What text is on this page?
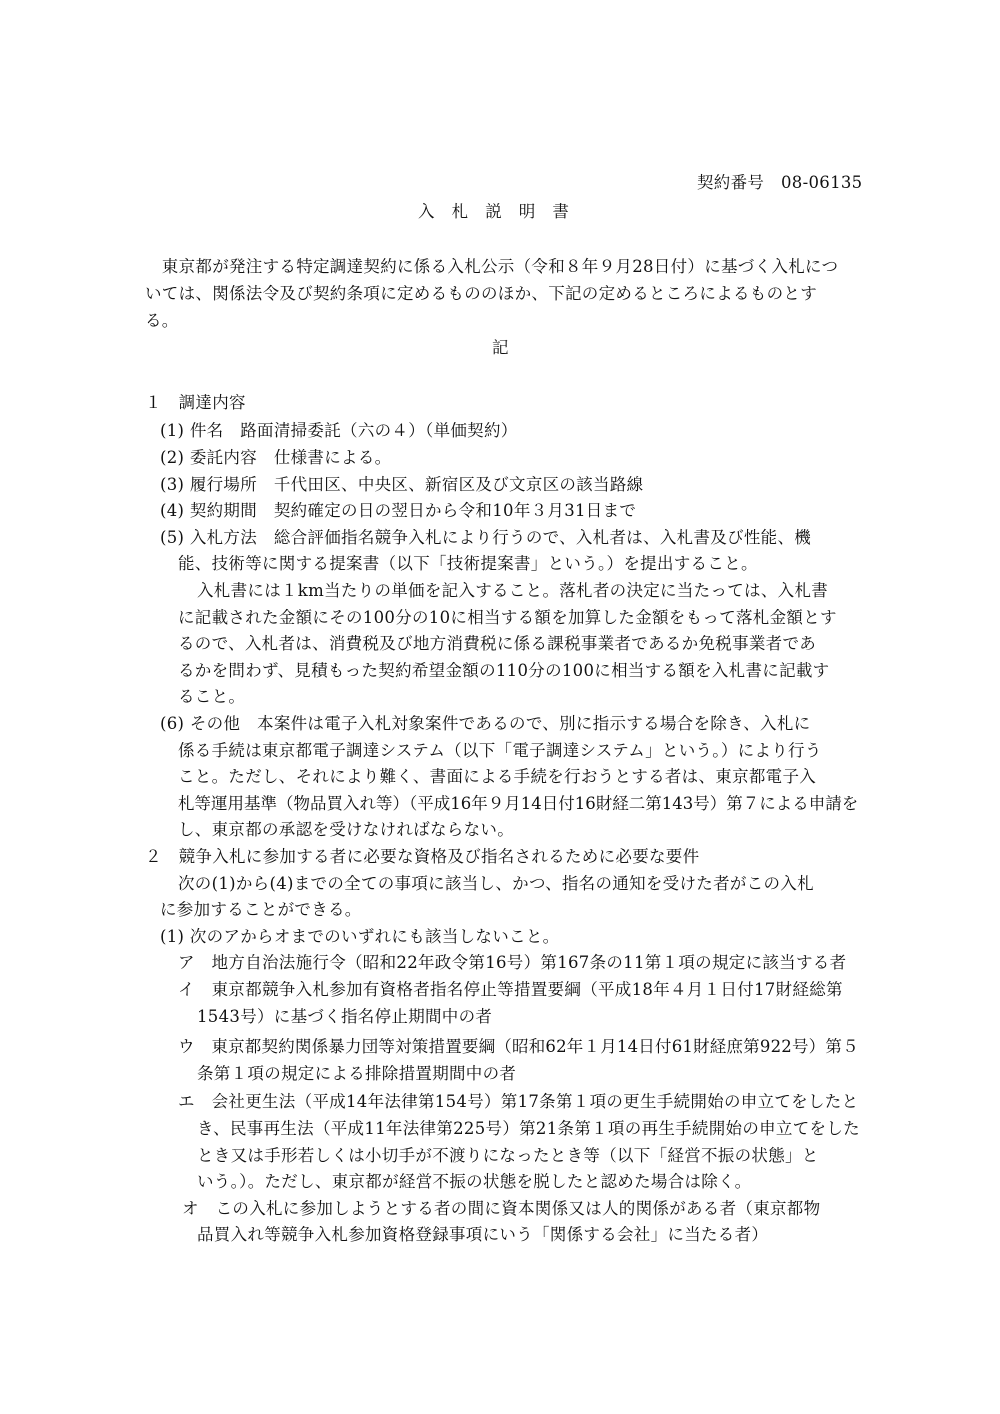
契約番号　08-06135
入　札　説　明　書
　東京都が発注する特定調達契約に係る入札公示（令和８年９月28日付）に基づく入札につ
いては、関係法令及び契約条項に定めるもののほか、下記の定めるところによるものとす
る。
記
１　調達内容
(1) 件名　路面清掃委託（六の４）（単価契約）
(2) 委託内容　仕様書による。
(3) 履行場所　千代田区、中央区、新宿区及び文京区の該当路線
(4) 契約期間　契約確定の日の翌日から令和10年３月31日まで
(5) 入札方法　総合評価指名競争入札により行うので、入札者は、入札書及び性能、機
能、技術等に関する提案書（以下「技術提案書」という。）を提出すること。
入札書には１km当たりの単価を記入すること。落札者の決定に当たっては、入札書
に記載された金額にその100分の10に相当する額を加算した金額をもって落札金額とす
るので、入札者は、消費税及び地方消費税に係る課税事業者であるか免税事業者であ
るかを問わず、見積もった契約希望金額の110分の100に相当する額を入札書に記載す
ること。
(6) その他　本案件は電子入札対象案件であるので、別に指示する場合を除き、入札に
係る手続は東京都電子調達システム（以下「電子調達システム」という。）により行う
こと。ただし、それにより難く、書面による手続を行おうとする者は、東京都電子入
札等運用基準（物品買入れ等）（平成16年９月14日付16財経二第143号）第７による申請を
し、東京都の承認を受けなければならない。
２　競争入札に参加する者に必要な資格及び指名されるために必要な要件
次の(1)から(4)までの全ての事項に該当し、かつ、指名の通知を受けた者がこの入札
に参加することができる。
(1) 次のアからオまでのいずれにも該当しないこと。
ア　地方自治法施行令（昭和22年政令第16号）第167条の11第１項の規定に該当する者
イ　東京都競争入札参加有資格者指名停止等措置要綱（平成18年４月１日付17財経総第
1543号）に基づく指名停止期間中の者
ウ　東京都契約関係暴力団等対策措置要綱（昭和62年１月14日付61財経庶第922号）第５
条第１項の規定による排除措置期間中の者
エ　会社更生法（平成14年法律第154号）第17条第１項の更生手続開始の申立てをしたと
き、民事再生法（平成11年法律第225号）第21条第１項の再生手続開始の申立てをした
とき又は手形若しくは小切手が不渡りになったとき等（以下「経営不振の状態」と
いう。）。ただし、東京都が経営不振の状態を脱したと認めた場合は除く。
オ　この入札に参加しようとする者の間に資本関係又は人的関係がある者（東京都物
品買入れ等競争入札参加資格登録事項にいう「関係する会社」に当たる者）
